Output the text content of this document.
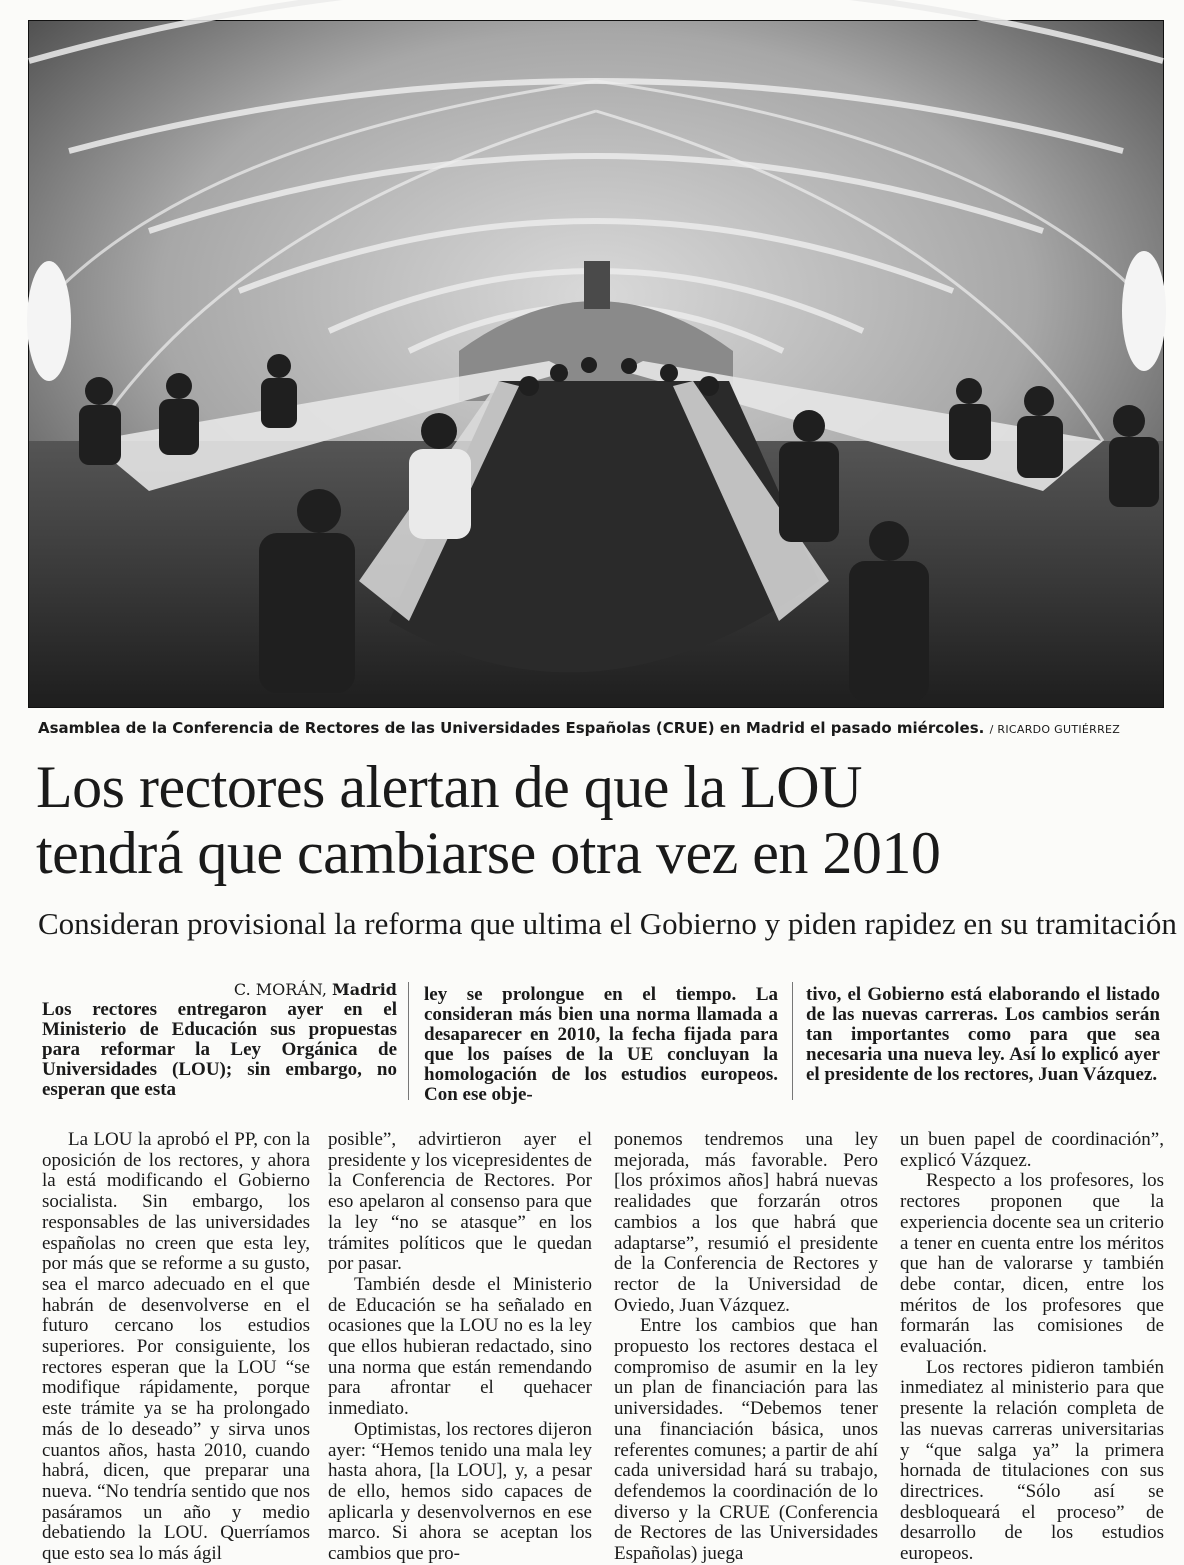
Asamblea de la Conferencia de Rectores de las Universidades Españolas (CRUE) en Madrid el pasado miércoles. / RICARDO GUTIÉRREZ
Los rectores alertan de que la LOU
tendrá que cambiarse otra vez en 2010
Consideran provisional la reforma que ultima el Gobierno y piden rapidez en su tramitación
C. MORÁN, Madrid

Los rectores entregaron ayer en el Ministerio de Educación sus propuestas para reformar la Ley Orgánica de Universidades (LOU); sin embargo, no esperan que esta

ley se prolongue en el tiempo. La consideran más bien una norma llamada a desaparecer en 2010, la fecha fijada para que los países de la UE concluyan la homologación de los estudios europeos. Con ese obje-

tivo, el Gobierno está elaborando el listado de las nuevas carreras. Los cambios serán tan importantes como para que sea necesaria una nueva ley. Así lo explicó ayer el presidente de los rectores, Juan Vázquez.

La LOU la aprobó el PP, con la oposición de los rectores, y ahora la está modificando el Gobierno socialista. Sin embargo, los responsables de las universidades españolas no creen que esta ley, por más que se reforme a su gusto, sea el marco adecuado en el que habrán de desenvolverse en el futuro cercano los estudios superiores. Por consiguiente, los rectores esperan que la LOU “se modifique rápidamente, porque este trámite ya se ha prolongado más de lo deseado” y sirva unos cuantos años, hasta 2010, cuando habrá, dicen, que preparar una nueva. “No tendría sentido que nos pasáramos un año y medio debatiendo la LOU. Querríamos que esto sea lo más ágil

posible”, advirtieron ayer el presidente y los vicepresidentes de la Conferencia de Rectores. Por eso apelaron al consenso para que la ley “no se atasque” en los trámites políticos que le quedan por pasar.

También desde el Ministerio de Educación se ha señalado en ocasiones que la LOU no es la ley que ellos hubieran redactado, sino una norma que están remendando para afrontar el quehacer inmediato.

Optimistas, los rectores dijeron ayer: “Hemos tenido una mala ley hasta ahora, [la LOU], y, a pesar de ello, hemos sido capaces de aplicarla y desenvolvernos en ese marco. Si ahora se aceptan los cambios que pro-

ponemos tendremos una ley mejorada, más favorable. Pero [los próximos años] habrá nuevas realidades que forzarán otros cambios a los que habrá que adaptarse”, resumió el presidente de la Conferencia de Rectores y rector de la Universidad de Oviedo, Juan Vázquez.

Entre los cambios que han propuesto los rectores destaca el compromiso de asumir en la ley un plan de financiación para las universidades. “Debemos tener una financiación básica, unos referentes comunes; a partir de ahí cada universidad hará su trabajo, defendemos la coordinación de lo diverso y la CRUE (Conferencia de Rectores de las Universidades Españolas) juega

un buen papel de coordinación”, explicó Vázquez.

Respecto a los profesores, los rectores proponen que la experiencia docente sea un criterio a tener en cuenta entre los méritos que han de valorarse y también debe contar, dicen, entre los méritos de los profesores que formarán las comisiones de evaluación.

Los rectores pidieron también inmediatez al ministerio para que presente la relación completa de las nuevas carreras universitarias y “que salga ya” la primera hornada de titulaciones con sus directrices. “Sólo así se desbloqueará el proceso” de desarrollo de los estudios europeos.
